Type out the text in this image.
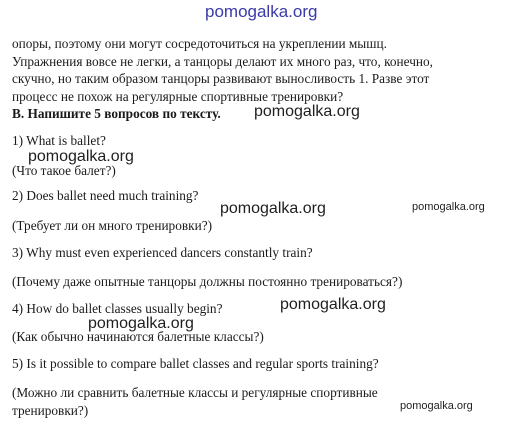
pomogalka.org
опоры, поэтому они могут сосредоточиться на укреплении мышц.
Упражнения вовсе не легки, а танцоры делают их много раз, что, конечно,
скучно, но таким образом танцоры развивают выносливость 1. Разве этот
процесс не похож на регулярные спортивные тренировки?
B. Напишите 5 вопросов по тексту. pomogalka.org
1) What is ballet?
pomogalka.org
(Что такое балет?)
2) Does ballet need much training?
pomogalka.org	pomogalka.org
(Требует ли он много тренировки?)
3) Why must even experienced dancers constantly train?
(Почему даже опытные танцоры должны постоянно тренироваться?)
pomogalka.org
4) How do ballet classes usually begin?
pomogalka.org
(Как обычно начинаются балетные классы?)
5) Is it possible to compare ballet classes and regular sports training?
(Можно ли сравнить балетные классы и регулярные спортивные
тренировки?)	pomogalka.org
